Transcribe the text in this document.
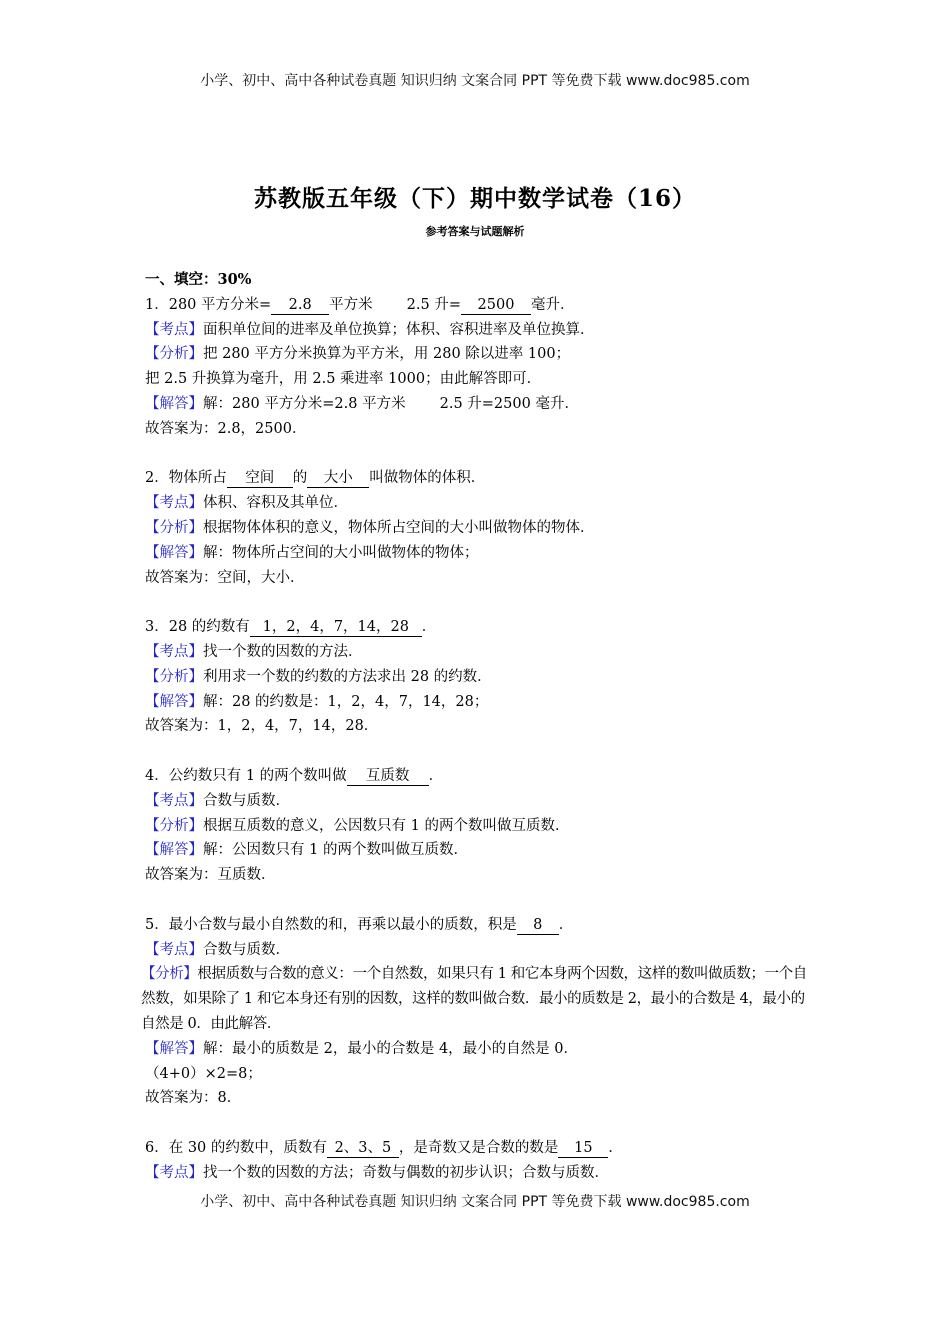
小学、初中、高中各种试卷真题 知识归纳 文案合同 PPT 等免费下载 www.doc985.com
苏教版五年级（下）期中数学试卷（16）
参考答案与试题解析
一、填空：30%
1．280 平方分米= 2.8 平方米 2.5 升= 2500 毫升．
【考点】面积单位间的进率及单位换算；体积、容积进率及单位换算．
【分析】把 280 平方分米换算为平方米，用 280 除以进率 100；
把 2.5 升换算为毫升，用 2.5 乘进率 1000；由此解答即可．
【解答】解：280 平方分米=2.8 平方米 2.5 升=2500 毫升．
故答案为：2.8，2500．
2．物体所占 空间 的 大小 叫做物体的体积．
【考点】体积、容积及其单位．
【分析】根据物体体积的意义，物体所占空间的大小叫做物体的物体．
【解答】解：物体所占空间的大小叫做物体的物体；
故答案为：空间，大小．
3．28 的约数有 1，2，4，7，14，28 ．
【考点】找一个数的因数的方法．
【分析】利用求一个数的约数的方法求出 28 的约数．
【解答】解：28 的约数是：1，2，4，7，14，28；
故答案为：1，2，4，7，14，28．
4．公约数只有 1 的两个数叫做 互质数 ．
【考点】合数与质数．
【分析】根据互质数的意义，公因数只有 1 的两个数叫做互质数．
【解答】解：公因数只有 1 的两个数叫做互质数．
故答案为：互质数．
5．最小合数与最小自然数的和，再乘以最小的质数，积是 8 ．
【考点】合数与质数．
【分析】根据质数与合数的意义：一个自然数，如果只有 1 和它本身两个因数，这样的数叫做质数；一个自然数，如果除了 1 和它本身还有别的因数，这样的数叫做合数．最小的质数是 2，最小的合数是 4，最小的自然是 0．由此解答．
【解答】解：最小的质数是 2，最小的合数是 4，最小的自然是 0．
（4+0）×2=8；
故答案为：8．
6．在 30 的约数中，质数有 2、3、5 ，是奇数又是合数的数是 15 ．
【考点】找一个数的因数的方法；奇数与偶数的初步认识；合数与质数．
小学、初中、高中各种试卷真题 知识归纳 文案合同 PPT 等免费下载 www.doc985.com
